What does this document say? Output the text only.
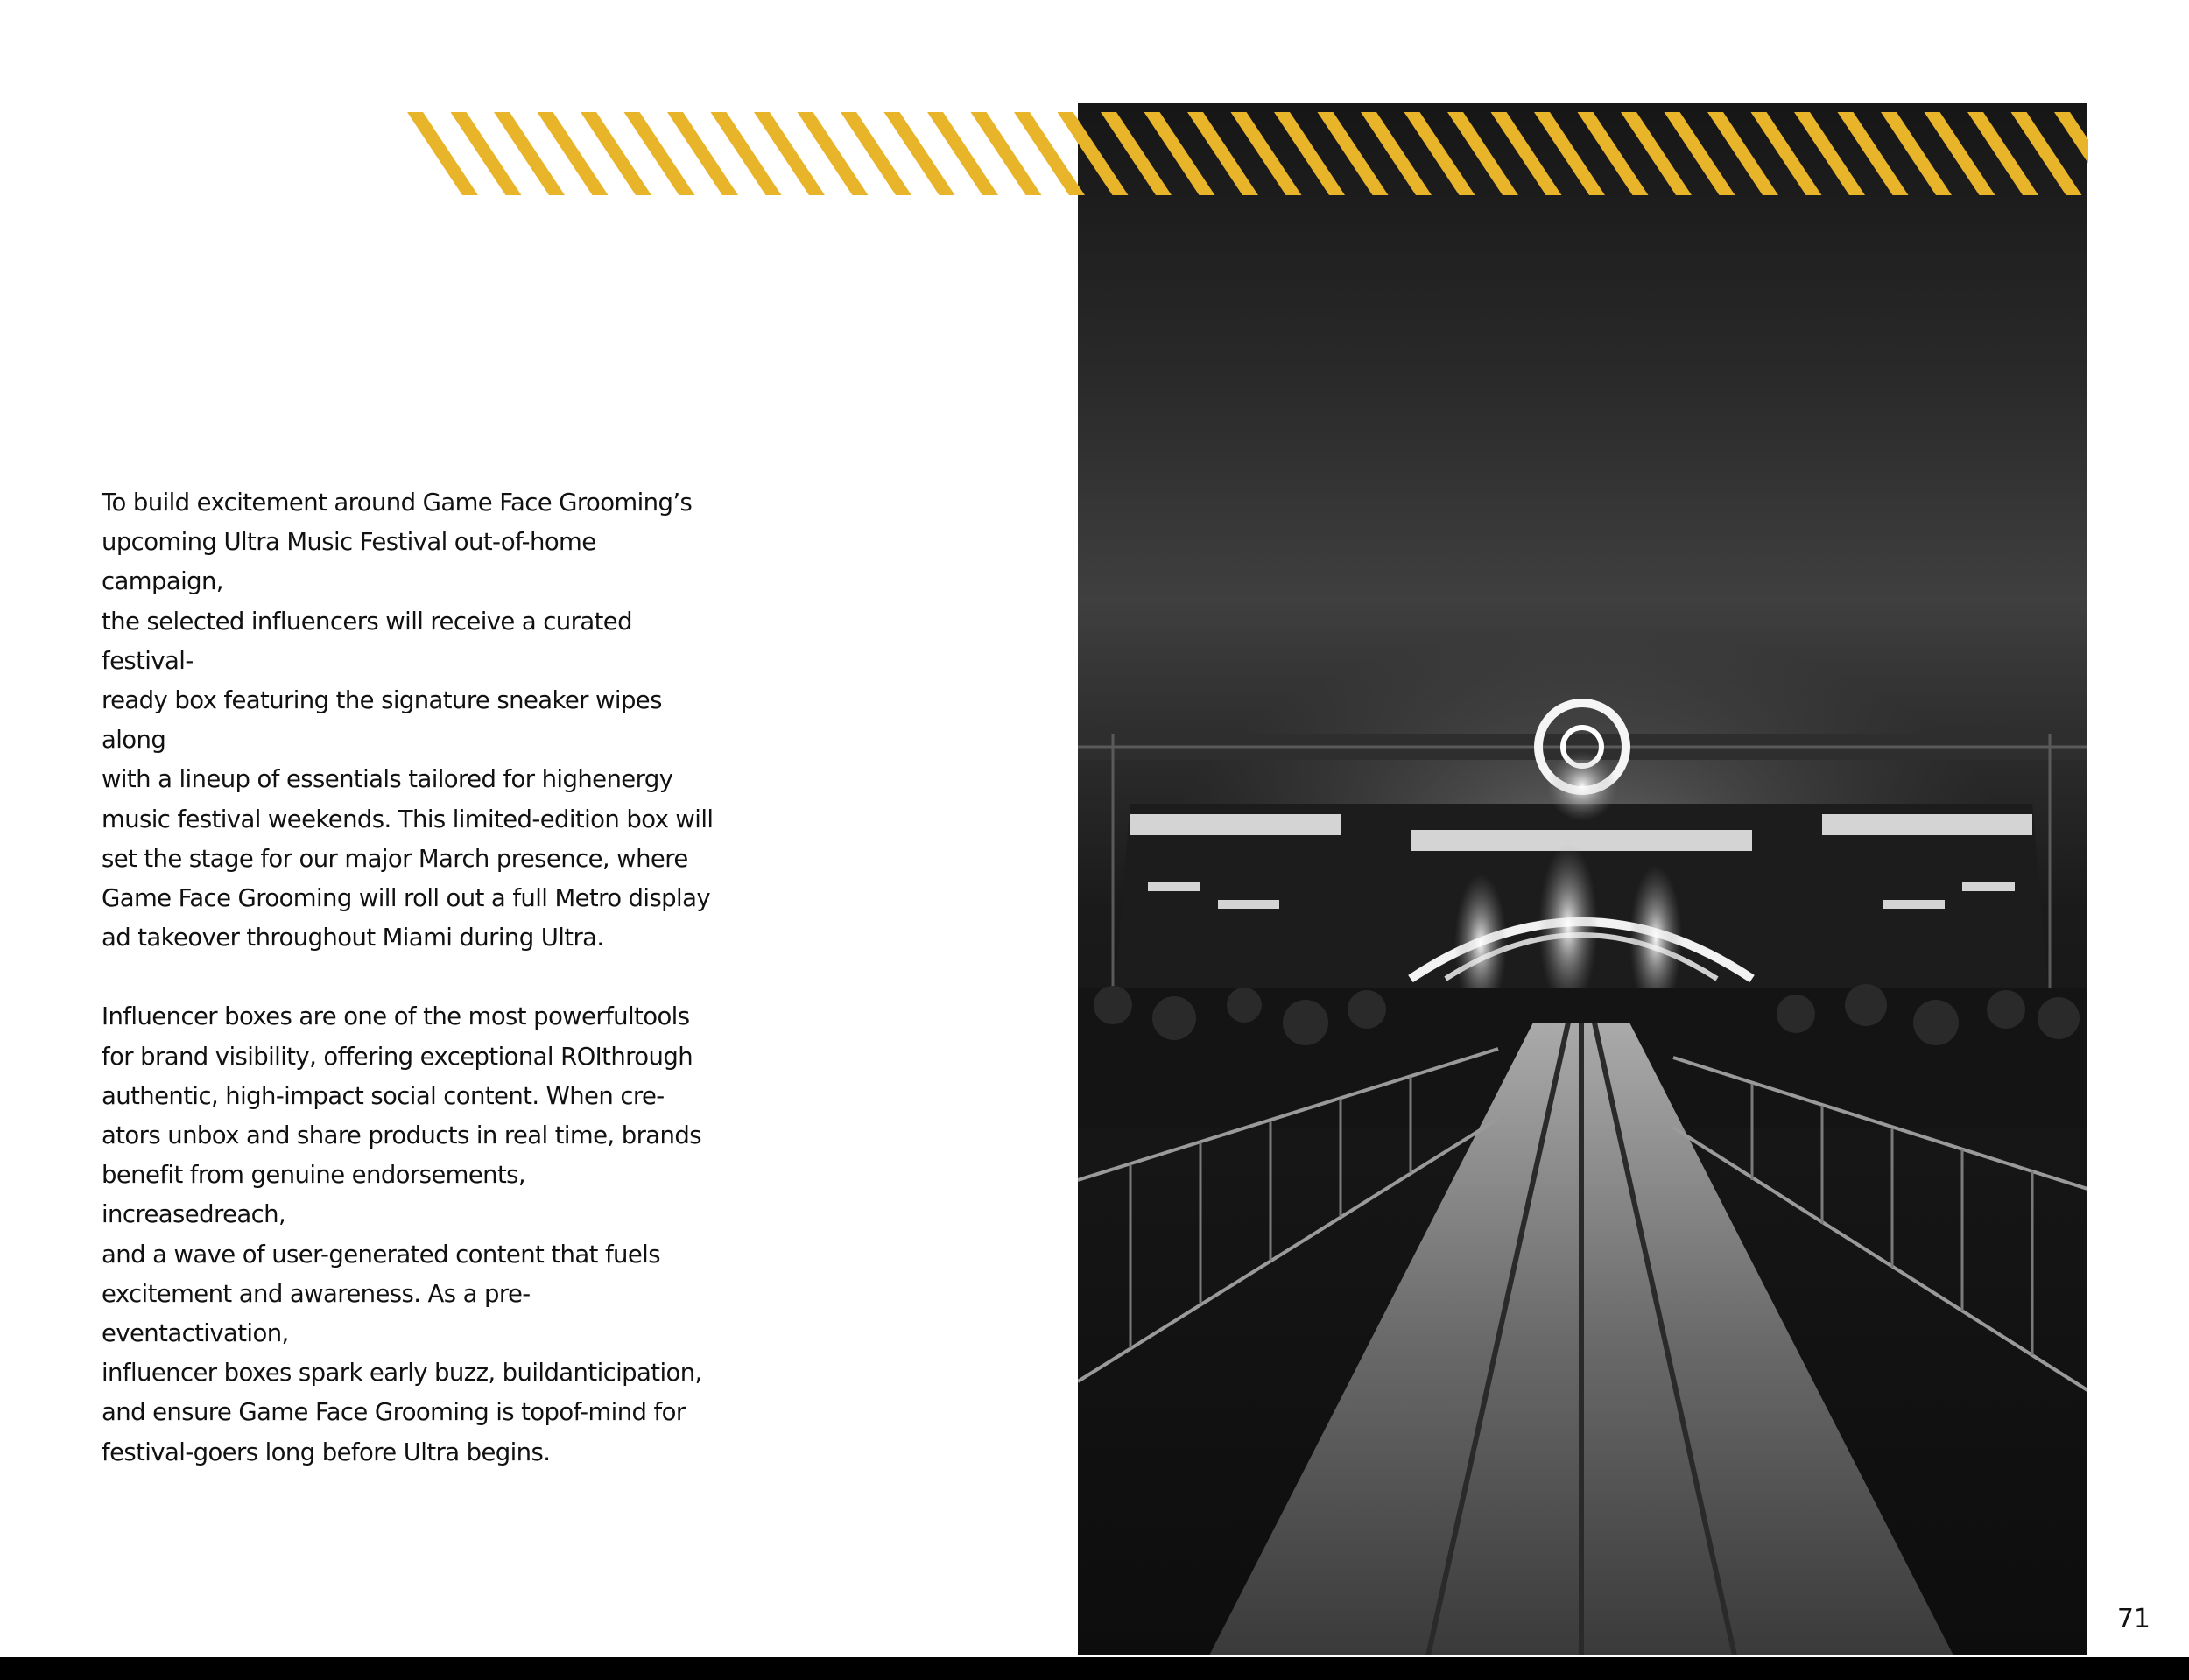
To build excitement around Game Face Grooming’s
upcoming Ultra Music Festival out-of-home campaign,
the selected influencers will receive a curated festival-
ready box featuring the signature sneaker wipes along
with a lineup of essentials tailored for highenergy
music festival weekends. This limited-edition box will
set the stage for our major March presence, where
Game Face Grooming will roll out a full Metro display
ad takeover throughout Miami during Ultra.

Influencer boxes are one of the most powerfultools
for brand visibility, offering exceptional ROIthrough
authentic, high-impact social content. When cre-
ators unbox and share products in real time, brands
benefit from genuine endorsements, increasedreach,
and a wave of user-generated content that fuels
excitement and awareness. As a pre-eventactivation,
influencer boxes spark early buzz, buildanticipation,
and ensure Game Face Grooming is topof-mind for
festival-goers long before Ultra begins.

71
